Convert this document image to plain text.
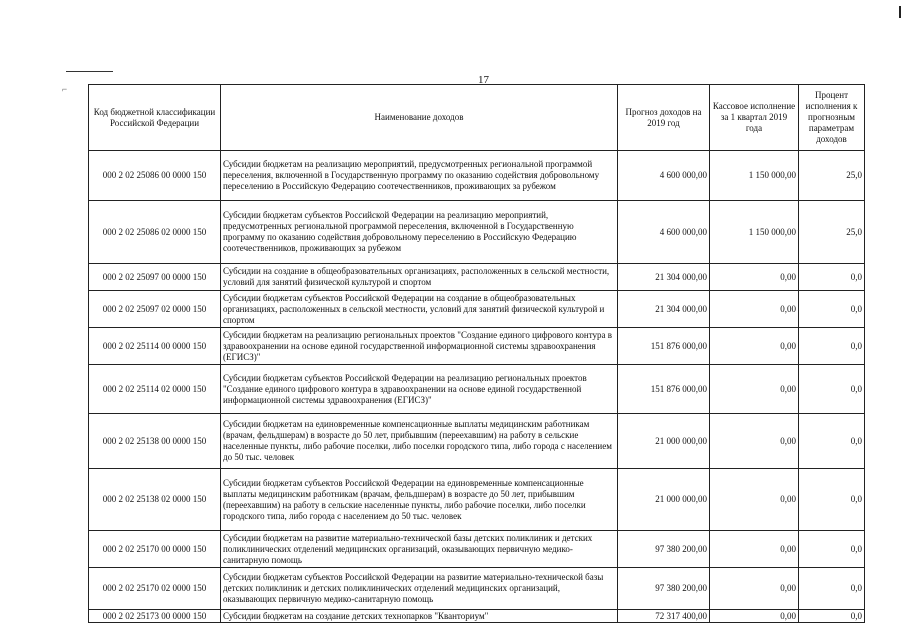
⌐
17
Код бюджетной классификации Российской Федерации	Наименование доходов	Прогноз доходов на 2019 год	Кассовое исполнение за 1 квартал 2019 года	Процент исполнения к прогнозным параметрам доходов
000 2 02 25086 00 0000 150	Субсидии бюджетам на реализацию мероприятий, предусмотренных региональной программой переселения, включенной в Государственную программу по оказанию содействия добровольному переселению в Российскую Федерацию соотечественников, проживающих за рубежом	4 600 000,00	1 150 000,00	25,0
000 2 02 25086 02 0000 150	Субсидии бюджетам субъектов Российской Федерации на реализацию мероприятий, предусмотренных региональной программой переселения, включенной в Государственную программу по оказанию содействия добровольному переселению в Российскую Федерацию соотечественников, проживающих за рубежом	4 600 000,00	1 150 000,00	25,0
000 2 02 25097 00 0000 150	Субсидии на создание в общеобразовательных организациях, расположенных в сельской местности, условий для занятий физической культурой и спортом	21 304 000,00	0,00	0,0
000 2 02 25097 02 0000 150	Субсидии бюджетам субъектов Российской Федерации на создание в общеобразовательных организациях, расположенных в сельской местности, условий для занятий физической культурой и спортом	21 304 000,00	0,00	0,0
000 2 02 25114 00 0000 150	Субсидии бюджетам на реализацию региональных проектов "Создание единого цифрового контура в здравоохранении на основе единой государственной информационной системы здравоохранения (ЕГИСЗ)"	151 876 000,00	0,00	0,0
000 2 02 25114 02 0000 150	Субсидии бюджетам субъектов Российской Федерации на реализацию региональных проектов "Создание единого цифрового контура в здравоохранении на основе единой государственной информационной системы здравоохранения (ЕГИСЗ)"	151 876 000,00	0,00	0,0
000 2 02 25138 00 0000 150	Субсидии бюджетам на единовременные компенсационные выплаты медицинским работникам (врачам, фельдшерам) в возрасте до 50 лет, прибывшим (переехавшим) на работу в сельские населенные пункты, либо рабочие поселки, либо поселки городского типа, либо города с населением до 50 тыс. человек	21 000 000,00	0,00	0,0
000 2 02 25138 02 0000 150	Субсидии бюджетам субъектов Российской Федерации на единовременные компенсационные выплаты медицинским работникам (врачам, фельдшерам) в возрасте до 50 лет, прибывшим (переехавшим) на работу в сельские населенные пункты, либо рабочие поселки, либо поселки городского типа, либо города с населением до 50 тыс. человек	21 000 000,00	0,00	0,0
000 2 02 25170 00 0000 150	Субсидии бюджетам на развитие материально-технической базы детских поликлиник и детских поликлинических отделений медицинских организаций, оказывающих первичную медико-санитарную помощь	97 380 200,00	0,00	0,0
000 2 02 25170 02 0000 150	Субсидии бюджетам субъектов Российской Федерации на развитие материально-технической базы детских поликлиник и детских поликлинических отделений медицинских организаций, оказывающих первичную медико-санитарную помощь	97 380 200,00	0,00	0,0
000 2 02 25173 00 0000 150	Субсидии бюджетам на создание детских технопарков "Кванториум"	72 317 400,00	0,00	0,0
